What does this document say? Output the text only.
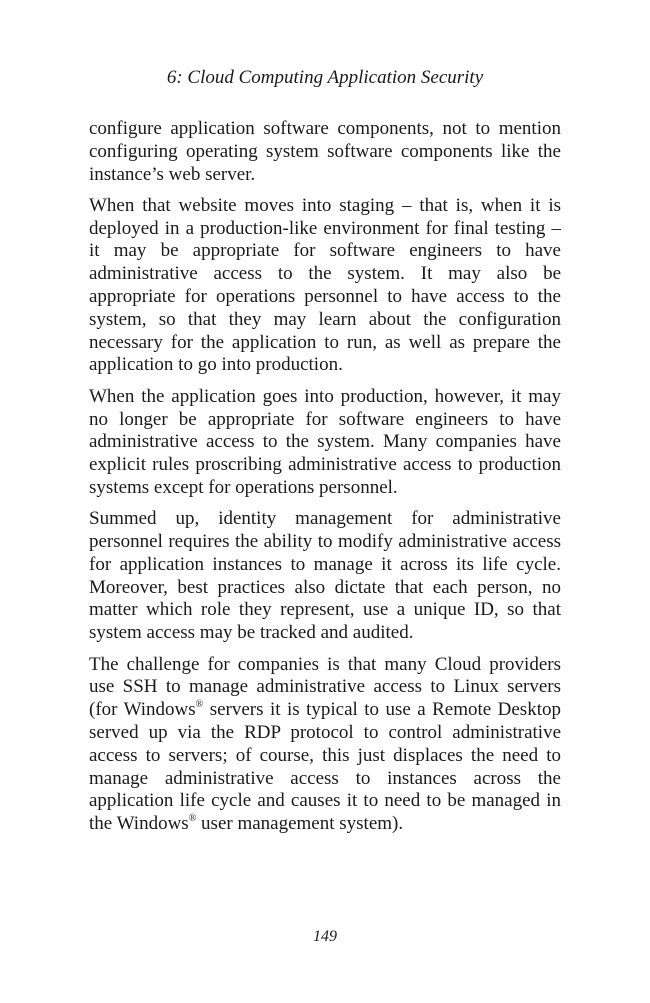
6: Cloud Computing Application Security

configure application software components, not to mention configuring operating system software components like the instance’s web server.

When that website moves into staging – that is, when it is deployed in a production-like environment for final testing – it may be appropriate for software engineers to have administrative access to the system. It may also be appropriate for operations personnel to have access to the system, so that they may learn about the configuration necessary for the application to run, as well as prepare the application to go into production.

When the application goes into production, however, it may no longer be appropriate for software engineers to have administrative access to the system. Many companies have explicit rules proscribing administrative access to production systems except for operations personnel.

Summed up, identity management for administrative personnel requires the ability to modify administrative access for application instances to manage it across its life cycle. Moreover, best practices also dictate that each person, no matter which role they represent, use a unique ID, so that system access may be tracked and audited.

The challenge for companies is that many Cloud providers use SSH to manage administrative access to Linux servers (for Windows® servers it is typical to use a Remote Desktop served up via the RDP protocol to control administrative access to servers; of course, this just displaces the need to manage administrative access to instances across the application life cycle and causes it to need to be managed in the Windows® user management system).

149
